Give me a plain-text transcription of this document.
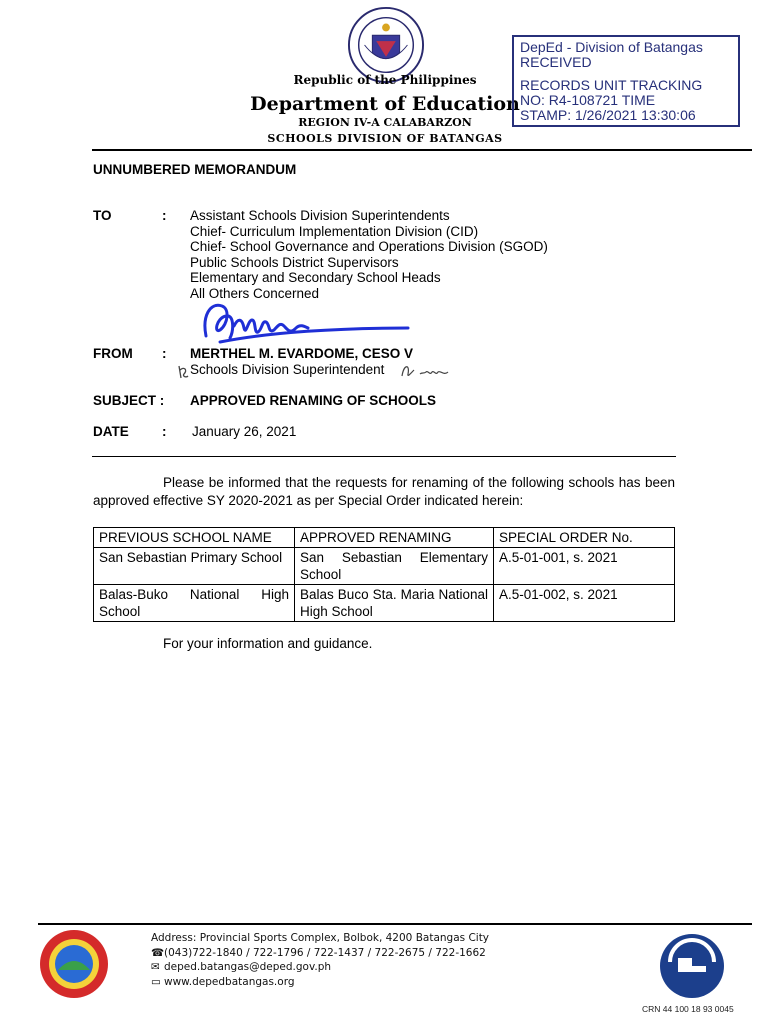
Republic of the Philippines
Department of Education
REGION IV-A CALABARZON
SCHOOLS DIVISION OF BATANGAS
DepEd - Division of Batangas
RECEIVED
RECORDS UNIT TRACKING
NO: R4-108721 TIME
STAMP: 1/26/2021 13:30:06
UNNUMBERED MEMORANDUM
TO	: Assistant Schools Division Superintendents
Chief- Curriculum Implementation Division (CID)
Chief- School Governance and Operations Division (SGOD)
Public Schools District Supervisors
Elementary and Secondary School Heads
All Others Concerned
FROM : MERTHEL M. EVARDOME, CESO V
Schools Division Superintendent
SUBJECT : APPROVED RENAMING OF SCHOOLS
DATE : January 26, 2021
Please be informed that the requests for renaming of the following schools has been approved effective SY 2020-2021 as per Special Order indicated herein:
PREVIOUS SCHOOL NAME	APPROVED RENAMING	SPECIAL ORDER No.
San Sebastian Primary School	San Sebastian Elementary School	A.5-01-001, s. 2021
Balas-Buko National High School	Balas Buco Sta. Maria National High School	A.5-01-002, s. 2021
For your information and guidance.
Address: Provincial Sports Complex, Bolbok, 4200 Batangas City
☎(043)722-1840 / 722-1796 / 722-1437 / 722-2675 / 722-1662
✉ deped.batangas@deped.gov.ph
▭ www.depedbatangas.org
CRN 44 100 18 93 0045
